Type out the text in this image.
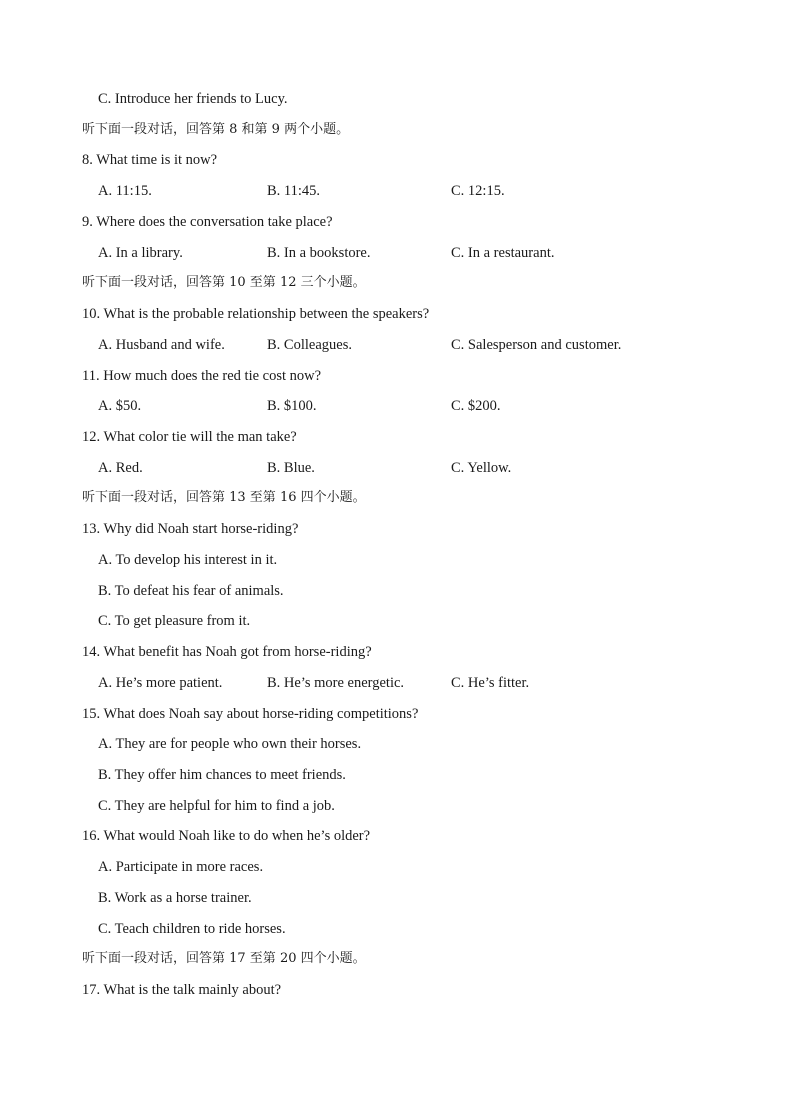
C. Introduce her friends to Lucy.
听下面一段对话，回答第 8 和第 9 两个小题。
8. What time is it now?
A. 11:15.	B. 11:45.	C. 12:15.
9. Where does the conversation take place?
A. In a library.	B. In a bookstore.	C. In a restaurant.
听下面一段对话，回答第 10 至第 12 三个小题。
10. What is the probable relationship between the speakers?
A. Husband and wife.	B. Colleagues.	C. Salesperson and customer.
11. How much does the red tie cost now?
A. $50.	B. $100.	C. $200.
12. What color tie will the man take?
A. Red.	B. Blue.	C. Yellow.
听下面一段对话，回答第 13 至第 16 四个小题。
13. Why did Noah start horse-riding?
A. To develop his interest in it.
B. To defeat his fear of animals.
C. To get pleasure from it.
14. What benefit has Noah got from horse-riding?
A. He’s more patient.	B. He’s more energetic.	C. He’s fitter.
15. What does Noah say about horse-riding competitions?
A. They are for people who own their horses.
B. They offer him chances to meet friends.
C. They are helpful for him to find a job.
16. What would Noah like to do when he’s older?
A. Participate in more races.
B. Work as a horse trainer.
C. Teach children to ride horses.
听下面一段对话，回答第 17 至第 20 四个小题。
17. What is the talk mainly about?
